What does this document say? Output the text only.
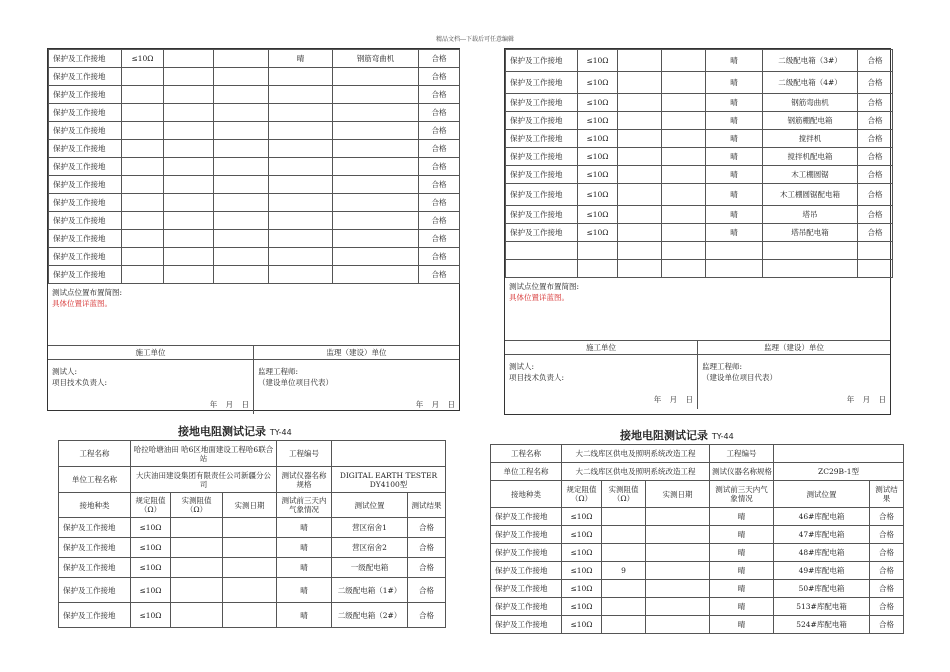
精品文档---下载后可任意编辑
保护及工作接地	≤10Ω			晴	钢筋弯曲机	合格
保护及工作接地						合格
保护及工作接地						合格
保护及工作接地						合格
保护及工作接地						合格
保护及工作接地						合格
保护及工作接地						合格
保护及工作接地						合格
保护及工作接地						合格
保护及工作接地						合格
保护及工作接地						合格
保护及工作接地						合格
保护及工作接地						合格
测试点位置布置简图:
具体位置详蓝图。
施工单位
测试人:
项目技术负责人:
年 月 日
监理（建设）单位
监理工程师:
（建设单位项目代表）
年 月 日
保护及工作接地	≤10Ω			晴	二级配电箱（3#）	合格
保护及工作接地	≤10Ω			晴	二级配电箱（4#）	合格
保护及工作接地	≤10Ω			晴	钢筋弯曲机	合格
保护及工作接地	≤10Ω			晴	钢筋棚配电箱	合格
保护及工作接地	≤10Ω			晴	搅拌机	合格
保护及工作接地	≤10Ω			晴	搅拌机配电箱	合格
保护及工作接地	≤10Ω			晴	木工棚圆锯	合格
保护及工作接地	≤10Ω			晴	木工棚圆锯配电箱	合格
保护及工作接地	≤10Ω			晴	塔吊	合格
保护及工作接地	≤10Ω			晴	塔吊配电箱	合格

测试点位置布置简图:
具体位置详蓝图。
施工单位
测试人:
项目技术负责人:
年 月 日
监理（建设）单位
监理工程师:
（建设单位项目代表）
年 月 日
接地电阻测试记录 TY-44
工程名称	哈拉哈塘油田 哈6区地面建设工程哈6联合站			工程编号		
单位工程名称	大庆油田建设集团有限责任公司新疆分公司			测试仪器名称规格	DIGITAL EARTH TESTER DY4100型	
接地种类	规定阻值（Ω）	实测阻值（Ω）	实测日期	测试前三天内气象情况	测试位置	测试结果
保护及工作接地	≤10Ω			晴	营区宿舍1	合格
保护及工作接地	≤10Ω			晴	营区宿舍2	合格
保护及工作接地	≤10Ω			晴	一级配电箱	合格
保护及工作接地	≤10Ω			晴	二级配电箱（1#）	合格
保护及工作接地	≤10Ω			晴	二级配电箱（2#）	合格
接地电阻测试记录 TY-44
工程名称	大二线库区供电及照明系统改造工程			工程编号		
单位工程名称	大二线库区供电及照明系统改造工程			测试仪器名称规格	ZC29B-1型	
接地种类	规定阻值（Ω）	实测阻值（Ω）	实测日期	测试前三天内气象情况	测试位置	测试结果
保护及工作接地	≤10Ω			晴	46#库配电箱	合格
保护及工作接地	≤10Ω			晴	47#库配电箱	合格
保护及工作接地	≤10Ω			晴	48#库配电箱	合格
保护及工作接地	≤10Ω	9		晴	49#库配电箱	合格
保护及工作接地	≤10Ω			晴	50#库配电箱	合格
保护及工作接地	≤10Ω			晴	513#库配电箱	合格
保护及工作接地	≤10Ω			晴	524#库配电箱	合格
